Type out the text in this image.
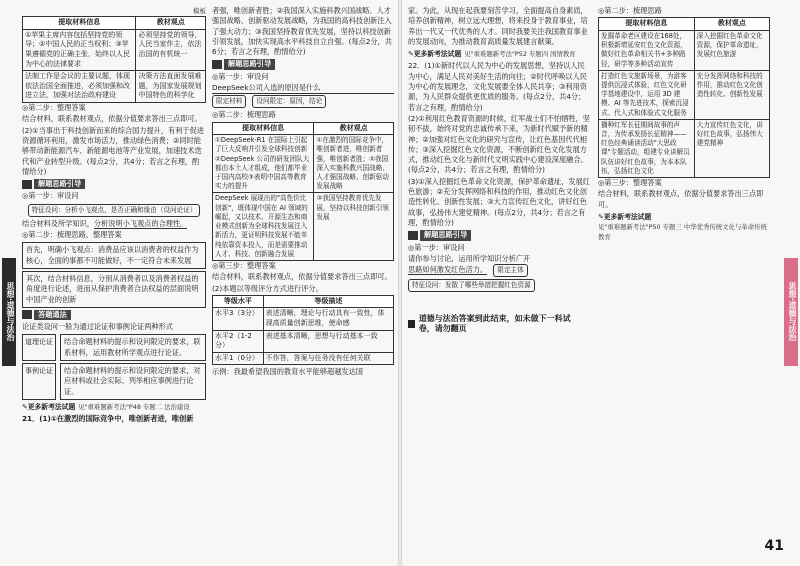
思想·道德与法治
模板
提取材料信息	教材观点
①苹果主席内容包括坚持党的领导；②中国人民的正当权利；③苹果遵循党的正确主张，始终以人民为中心的法律要求	必须坚持党的领导，人民当家作主，依法治国的有机统一
法制工作是会议的主要议题，体现依法治国全面推进，必须加强和改进立法，加强对法治政府建设	决策方法直面发展难题，为国家发展规划中国特色的科学化
◎第二步：整理答案
结合材料，联系教材观点，依据分值要求答出三点即可。
(2)①当事出于科技创新而来的综合国力提升，有利于促进资源循环利用，激发市场活力，推动绿色消费；②同时能够带动新能源汽车、新能源电池等产业发展，加速技术迭代和产业转型升级。(每点2分，共4分；若言之有理，酌情给分)
解题思路引导
◎第一步：审设问
特征设问：分析小飞观点，是否正确和缘由（设问论证）
结合材料及所学知识，分析说明小飞观点的合理性。
◎第二步：梳理思路，整理答案
首先，明确小飞观点：消费品应该以消费者的权益作为核心，全面的事都不可能做好，不一定符合未来发展
其次，结合材料信息，分别从消费者以及消费者权益的角度进行论述，进而从保护消费者合法权益的层面说明中国产业的创新
答题通法
论证类设问一般为通过论证和事例论证两种形式
道理论证	结合命题材料的提示和设问限定的要求，联系材料，运用教材所学观点进行论证。
事例论证	结合命题材料的提示和设问限定的要求，对应材料或社会实际、列举相应事例进行论证。
✎ 更多新考法试题 见"重难题新考法"P48 专题二 法治建设
21．(1)①在激烈的国际竞争中，唯创新者进，唯创新
者强，唯创新者胜；②我国深入实施科教兴国战略、人才强国战略、创新驱动发展战略，为我国的高科技创新注入了强大动力；③我国坚持教育优先发展，坚持以科技创新引领发展，加快实现高水平科技自立自强。(每点2分，共6分；若言之有理，酌情给分)
解题思路引导
◎第一步：审设问
DeepSeek公司入选的原因是什么
限定材料	设问限定：原因，结论
◎第二步：梳理思路
提取材料信息	教材观点
①DeepSeek-R1 在国际上引起了巨大反响并引发全球科技创新②DeepSeek 公司的研发团队大都由本土人才组成，他们都毕业于国内高校③表明中国高等教育实力的提升	①在激烈的国际竞争中，唯创新者进，唯创新者强，唯创新者胜；②我国深入实施科教兴国战略、人才强国战略、创新驱动发展战略
DeepSeek 展现出的"高性价比创新"，既体现中国在 AI 领域的崛起，又以技术、开源生态和商业模式创新为全球科技发展注入新活力，更证明科技发展不能单纯依靠资本投入，而是需要推动人才、科技、创新融合发展	③我国坚持教育优先发展，坚持以科技创新引领发展
◎第三步：整理答案
结合材料，联系教材观点，依据分值要求答出三点即可。
(2)本题以等级评分方式进行评分。
等级水平	等级描述
水平3（3分）	表述清晰，理论与行动具有一致性，体现高质量创新思维，使命感
水平2（1-2分）	表述基本清晰，思想与行动基本一致
水平1（0分）	不作答，答案与任务没有任何关联
示例：我最希望我国的教育水平能够超越发达国
家。为此，从现在起我要刻苦学习，全面提高自身素质，培养创新精神，树立远大理想，将来投身于教育事业，培养出一代又一代优秀的人才。同时我要关注我国教育事业的发展动向，为推动教育高质量发展建言献策。
✎ 更多新考法试题 见"重难题新考法"P52 专题四 国情教育
22．(1)①新时代以人民为中心的发展思想，坚持以人民为中心，满足人民对美好生活的向往；②时代呼唤以人民为中心的发展理念，文化发展要全体人民共享；③利用资源，为人民群众提供更优质的服务。(每点2分，共4分；若言之有理，酌情给分)
(2)①利用红色教育资源的时候，红军战士们不怕牺牲，坚韧不拔，始终对党的忠诚传承下来，为新时代赋予新的精神；②加强对红色文化的研究与宣传，让红色基因代代相传；③深入挖掘红色文化资源，不断创新红色文化发展方式，推动红色文化与新时代文明实践中心建设深度融合。(每点2分，共4分；若言之有理，酌情给分)
(3)①深入挖掘红色革命文化资源，保护革命遗址，发展红色旅游；②充分发挥网络和科技的作用，推动红色文化创造性转化、创新性发展；③大力宣传红色文化，讲好红色故事，弘扬伟大建党精神。(每点2分，共4分；若言之有理，酌情给分)
解题思路引导
◎第一步：审设问
请你参与讨论，运用所学知识分析广开
思路如何激发红色活力。 限定主体
特征设问：发散了哪些举措把握红色资源
道德与法治答案到此结束，如未做下一科试卷，请勿翻页
◎第二步：梳理思路
提取材料信息	教材观点
发掘革命老区建设在168处，积极新增延安红色文化资源，做好红色革命相关书+多种路径，研学等多种活动宣传	深入挖掘红色革命文化资源，保护革命遗址，发展红色旅游
打造红色文旅新场景，为游客提供沉浸式体验，红色文化研学基地建设中，运用 3D 建模、AI 等先进技术，探索沉浸式、代入式和体验式文化服务	充分发挥网络和科技的作用，推动红色文化创造性转化、创新性发展
播种红军长征期间故事的声音，为传承发扬长征精神——红色经典诵读活动"大思政课"专题活动，组建专业讲解员队伍讲好红色故事，为本本队伍，弘扬红色文化	大力宣传红色文化，讲好红色故事，弘扬伟大建党精神
◎第三步：整理答案
结合材料，联系教材观点，依据分值要求答出三点即可。
✎ 更多新考法试题
见"重难题新考法"P50 专题三 中华优秀传统文化与革命传统教育
思想·道德与法治
41
